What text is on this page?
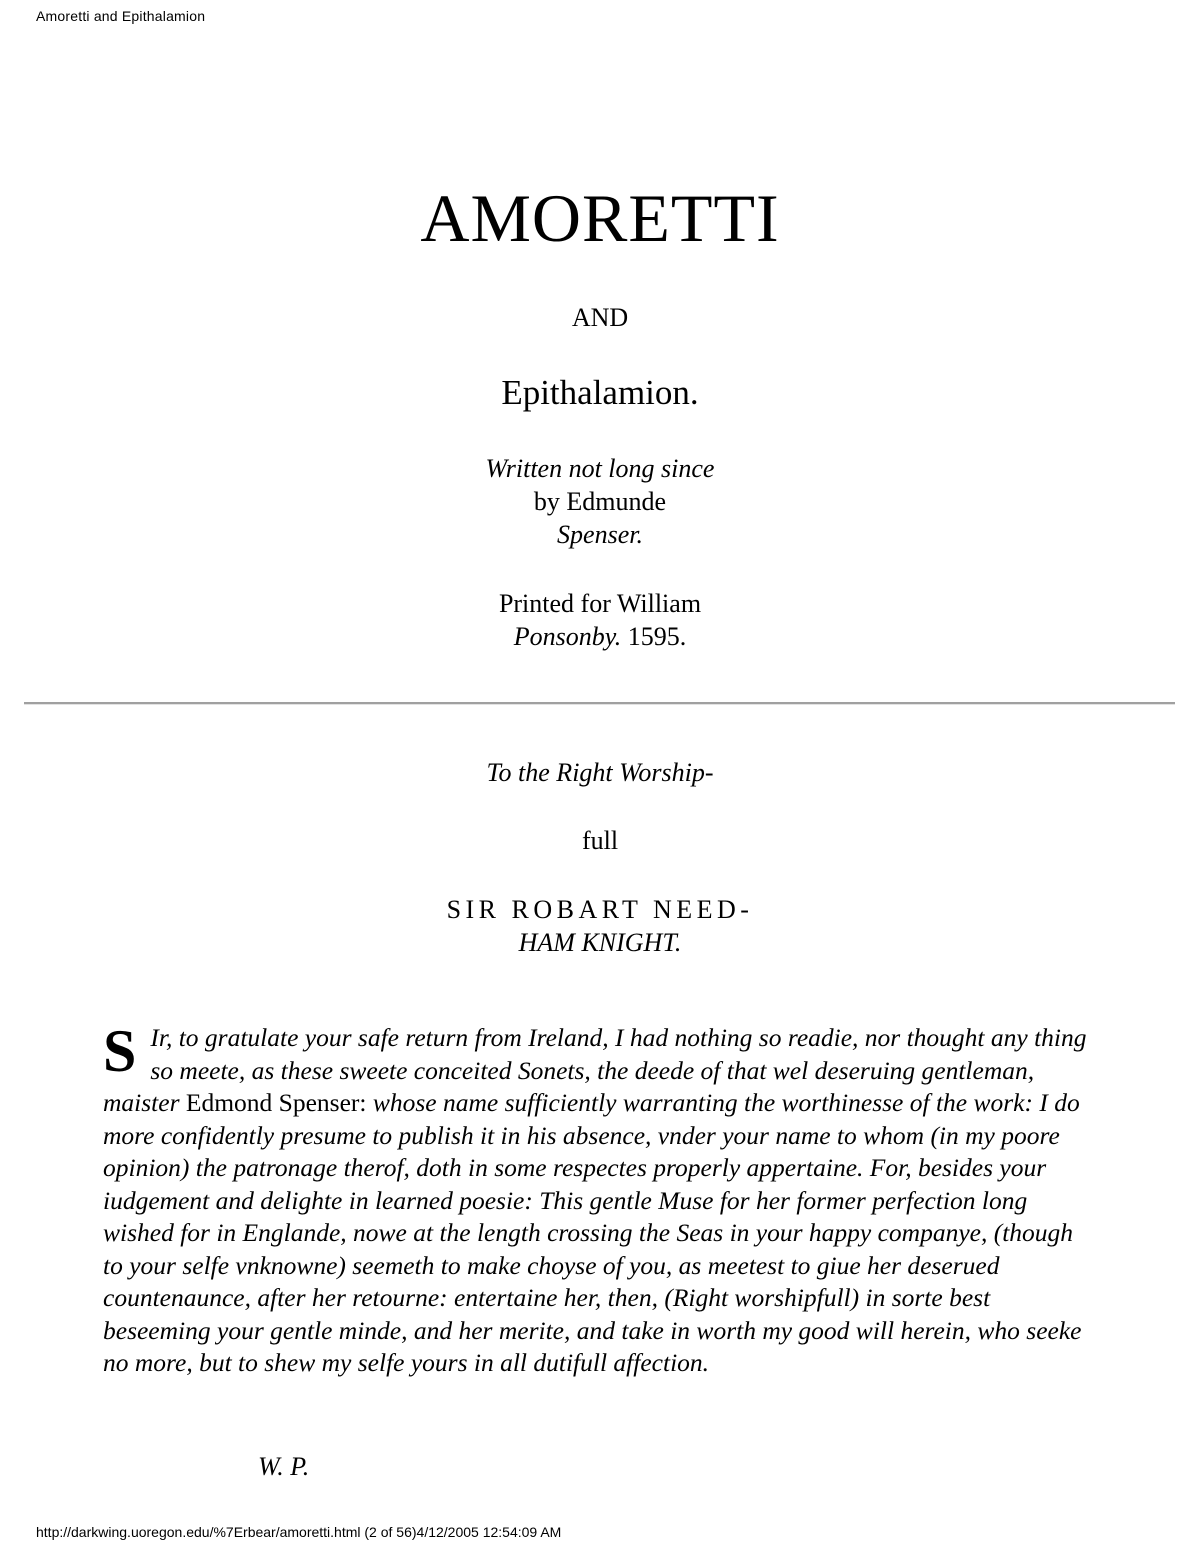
Amoretti and Epithalamion
AMORETTI
AND
Epithalamion.
Written not long since
by Edmunde
Spenser.
Printed for William
Ponsonby. 1595.
To the Right Worship-
full
SIR ROBART NEED-
HAM KNIGHT.
S Ir, to gratulate your safe return from Ireland, I had nothing so readie, nor thought any thing so meete, as these sweete conceited Sonets, the deede of that wel deseruing gentleman, maister Edmond Spenser: whose name sufficiently warranting the worthinesse of the work: I do more confidently presume to publish it in his absence, vnder your name to whom (in my poore opinion) the patronage therof, doth in some respectes properly appertaine. For, besides your iudgement and delighte in learned poesie: This gentle Muse for her former perfection long wished for in Englande, nowe at the length crossing the Seas in your happy companye, (though to your selfe vnknowne) seemeth to make choyse of you, as meetest to giue her deserued countenaunce, after her retourne: entertaine her, then, (Right worshipfull) in sorte best beseeming your gentle minde, and her merite, and take in worth my good will herein, who seeke no more, but to shew my selfe yours in all dutifull affection.
W. P.
http://darkwing.uoregon.edu/%7Erbear/amoretti.html (2 of 56)4/12/2005 12:54:09 AM
